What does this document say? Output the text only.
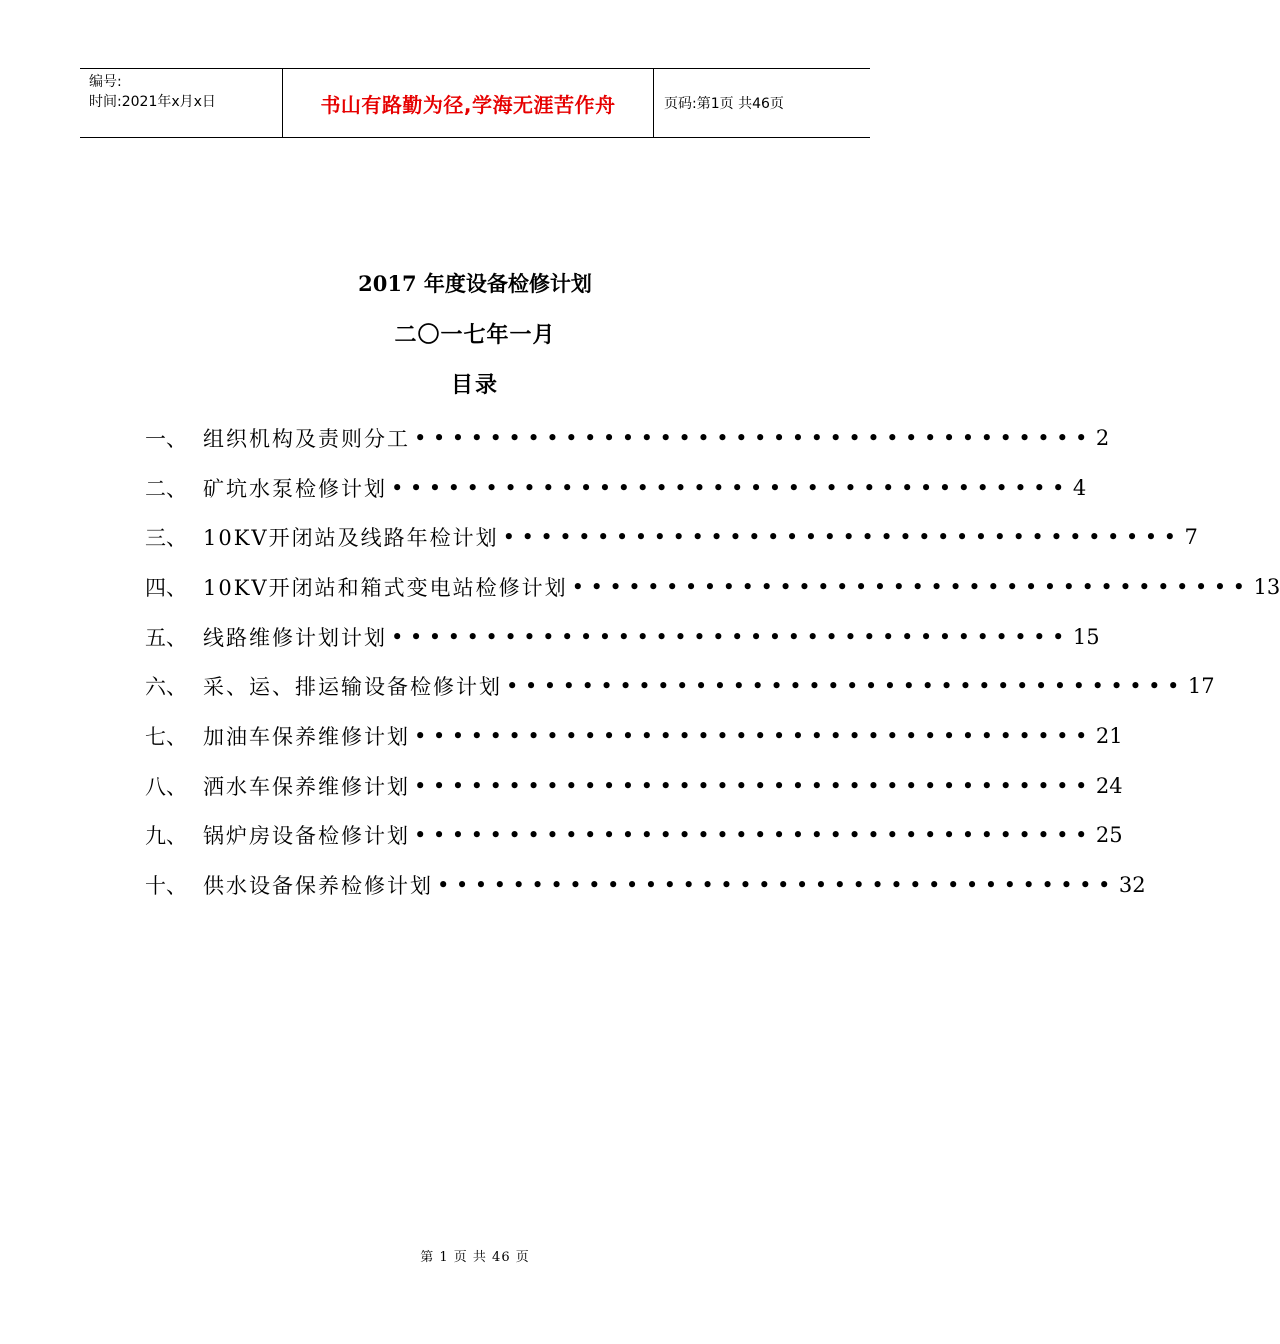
编号:
时间:2021年x月x日	书山有路勤为径,学海无涯苦作舟	页码:第1页 共46页
2017 年度设备检修计划
二〇一七年一月
目录
一、 组织机构及责则分工 •••••••••••••••••••••••••••••••••••• 2
二、 矿坑水泵检修计划 •••••••••••••••••••••••••••••••••••• 4
三、 10KV开闭站及线路年检计划 •••••••••••••••••••••••••••••••••••• 7
四、 10KV开闭站和箱式变电站检修计划 •••••••••••••••••••••••••••••••••••• 13
五、 线路维修计划计划 •••••••••••••••••••••••••••••••••••• 15
六、 采、运、排运输设备检修计划 •••••••••••••••••••••••••••••••••••• 17
七、 加油车保养维修计划 •••••••••••••••••••••••••••••••••••• 21
八、 洒水车保养维修计划 •••••••••••••••••••••••••••••••••••• 24
九、 锅炉房设备检修计划 •••••••••••••••••••••••••••••••••••• 25
十、 供水设备保养检修计划 •••••••••••••••••••••••••••••••••••• 32
第 1 页 共 46 页
